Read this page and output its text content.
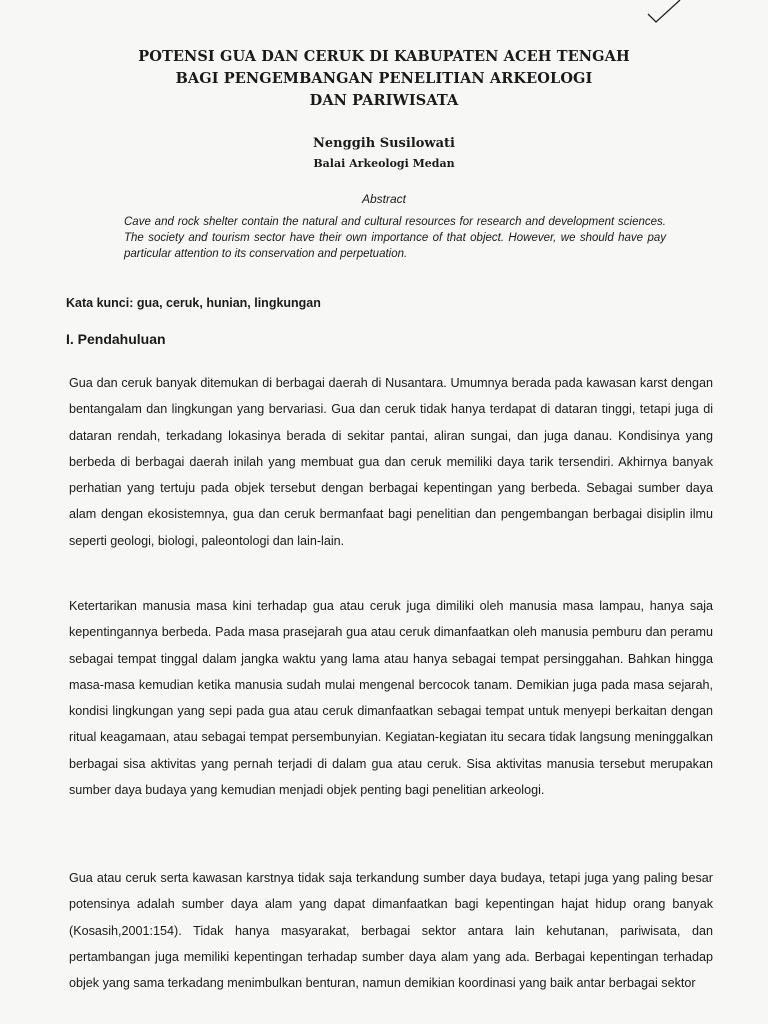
POTENSI GUA DAN CERUK DI KABUPATEN ACEH TENGAH
BAGI PENGEMBANGAN PENELITIAN ARKEOLOGI
DAN PARIWISATA
Nenggih Susilowati
Balai Arkeologi Medan
Abstract
Cave and rock shelter contain the natural and cultural resources for research and development sciences. The society and tourism sector have their own importance of that object. However, we should have pay particular attention to its conservation and perpetuation.
Kata kunci: gua, ceruk, hunian, lingkungan
I. Pendahuluan
Gua dan ceruk banyak ditemukan di berbagai daerah di Nusantara. Umumnya berada pada kawasan karst dengan bentangalam dan lingkungan yang bervariasi. Gua dan ceruk tidak hanya terdapat di dataran tinggi, tetapi juga di dataran rendah, terkadang lokasinya berada di sekitar pantai, aliran sungai, dan juga danau. Kondisinya yang berbeda di berbagai daerah inilah yang membuat gua dan ceruk memiliki daya tarik tersendiri. Akhirnya banyak perhatian yang tertuju pada objek tersebut dengan berbagai kepentingan yang berbeda. Sebagai sumber daya alam dengan ekosistemnya, gua dan ceruk bermanfaat bagi penelitian dan pengembangan berbagai disiplin ilmu seperti geologi, biologi, paleontologi dan lain-lain.
Ketertarikan manusia masa kini terhadap gua atau ceruk juga dimiliki oleh manusia masa lampau, hanya saja kepentingannya berbeda. Pada masa prasejarah gua atau ceruk dimanfaatkan oleh manusia pemburu dan peramu sebagai tempat tinggal dalam jangka waktu yang lama atau hanya sebagai tempat persinggahan. Bahkan hingga masa-masa kemudian ketika manusia sudah mulai mengenal bercocok tanam. Demikian juga pada masa sejarah, kondisi lingkungan yang sepi pada gua atau ceruk dimanfaatkan sebagai tempat untuk menyepi berkaitan dengan ritual keagamaan, atau sebagai tempat persembunyian. Kegiatan-kegiatan itu secara tidak langsung meninggalkan berbagai sisa aktivitas yang pernah terjadi di dalam gua atau ceruk. Sisa aktivitas manusia tersebut merupakan sumber daya budaya yang kemudian menjadi objek penting bagi penelitian arkeologi.
Gua atau ceruk serta kawasan karstnya tidak saja terkandung sumber daya budaya, tetapi juga yang paling besar potensinya adalah sumber daya alam yang dapat dimanfaatkan bagi kepentingan hajat hidup orang banyak (Kosasih,2001:154). Tidak hanya masyarakat, berbagai sektor antara lain kehutanan, pariwisata, dan pertambangan juga memiliki kepentingan terhadap sumber daya alam yang ada. Berbagai kepentingan terhadap objek yang sama terkadang menimbulkan benturan, namun demikian koordinasi yang baik antar berbagai sektor
